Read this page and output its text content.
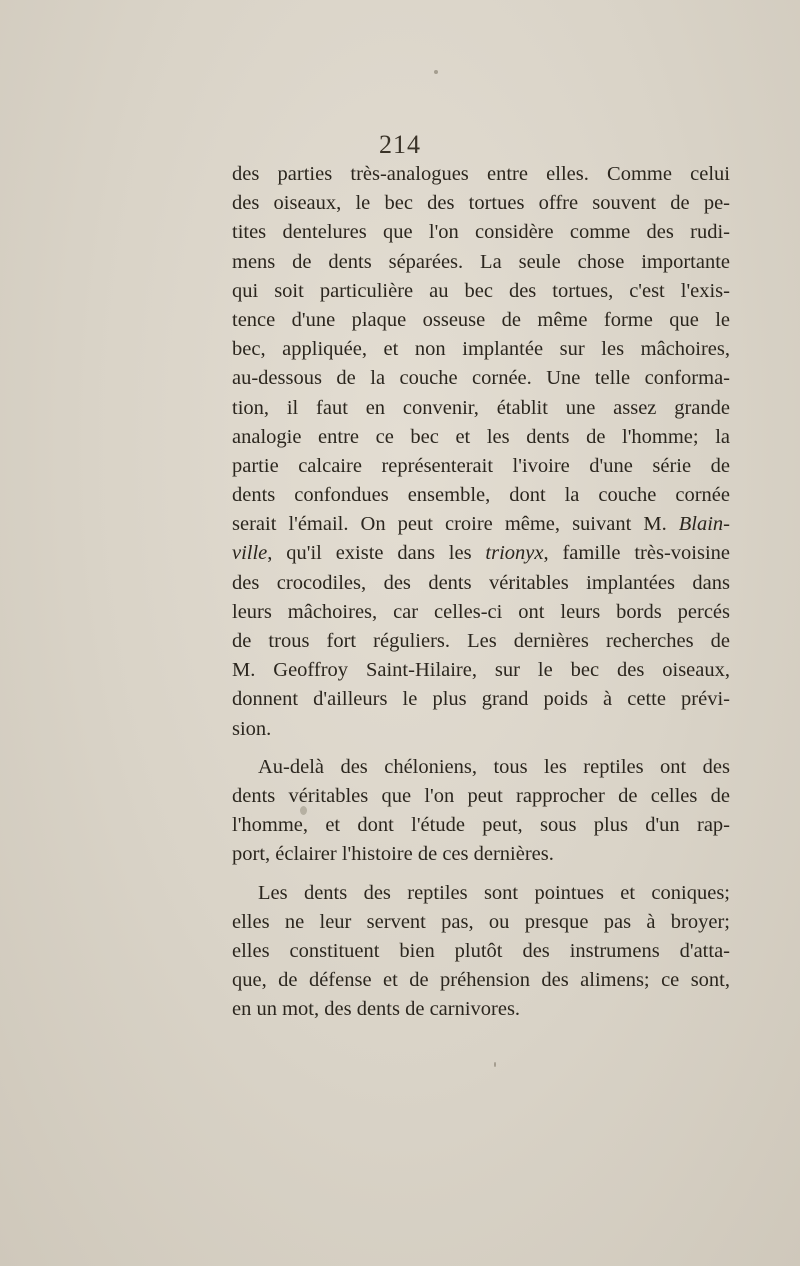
214
des parties très-analogues entre elles. Comme celui
des oiseaux, le bec des tortues offre souvent de pe-
tites dentelures que l'on considère comme des rudi-
mens de dents séparées. La seule chose importante
qui soit particulière au bec des tortues, c'est l'exis-
tence d'une plaque osseuse de même forme que le
bec, appliquée, et non implantée sur les mâchoires,
au-dessous de la couche cornée. Une telle conforma-
tion, il faut en convenir, établit une assez grande
analogie entre ce bec et les dents de l'homme; la
partie calcaire représenterait l'ivoire d'une série de
dents confondues ensemble, dont la couche cornée
serait l'émail. On peut croire même, suivant M. Blain-
ville, qu'il existe dans les trionyx, famille très-voisine
des crocodiles, des dents véritables implantées dans
leurs mâchoires, car celles-ci ont leurs bords percés
de trous fort réguliers. Les dernières recherches de
M. Geoffroy Saint-Hilaire, sur le bec des oiseaux,
donnent d'ailleurs le plus grand poids à cette prévi-
sion.
Au-delà des chéloniens, tous les reptiles ont des
dents véritables que l'on peut rapprocher de celles de
l'homme, et dont l'étude peut, sous plus d'un rap-
port, éclairer l'histoire de ces dernières.
Les dents des reptiles sont pointues et coniques;
elles ne leur servent pas, ou presque pas à broyer;
elles constituent bien plutôt des instrumens d'atta-
que, de défense et de préhension des alimens; ce sont,
en un mot, des dents de carnivores.
